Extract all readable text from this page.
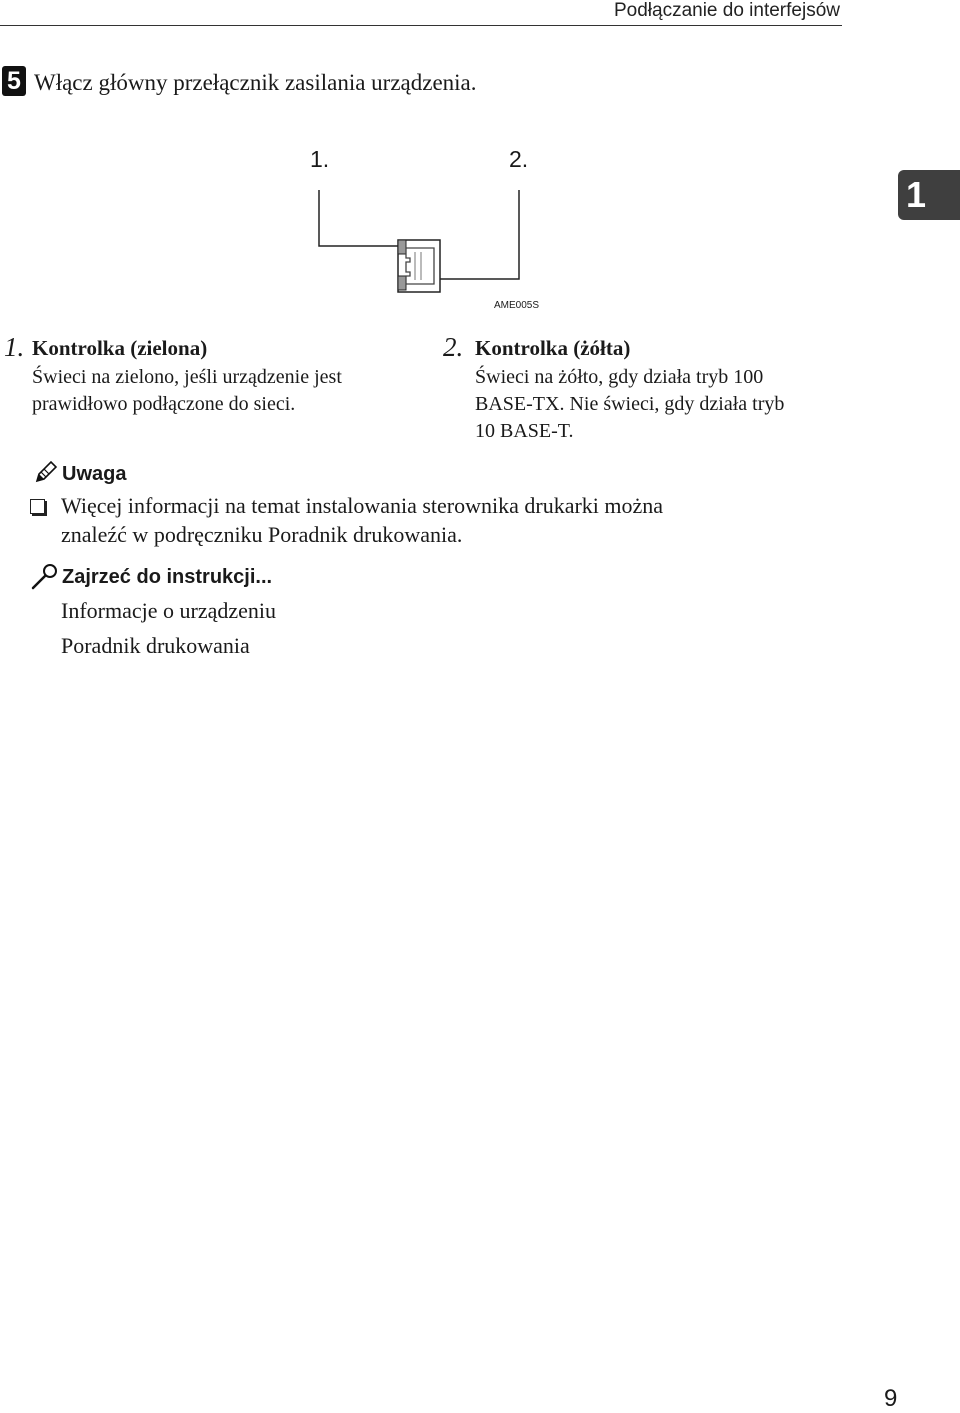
Podłączanie do interfejsów
5 Włącz główny przełącznik zasilania urządzenia.
1
1.	2.
AME005S
1. Kontrolka (zielona)
Świeci na zielono, jeśli urządzenie jest
prawidłowo podłączone do sieci.
2. Kontrolka (żółta)
Świeci na żółto, gdy działa tryb 100
BASE-TX. Nie świeci, gdy działa tryb
10 BASE-T.
Uwaga
Więcej informacji na temat instalowania sterownika drukarki można
znaleźć w podręczniku Poradnik drukowania.
Zajrzeć do instrukcji...
Informacje o urządzeniu
Poradnik drukowania
9
